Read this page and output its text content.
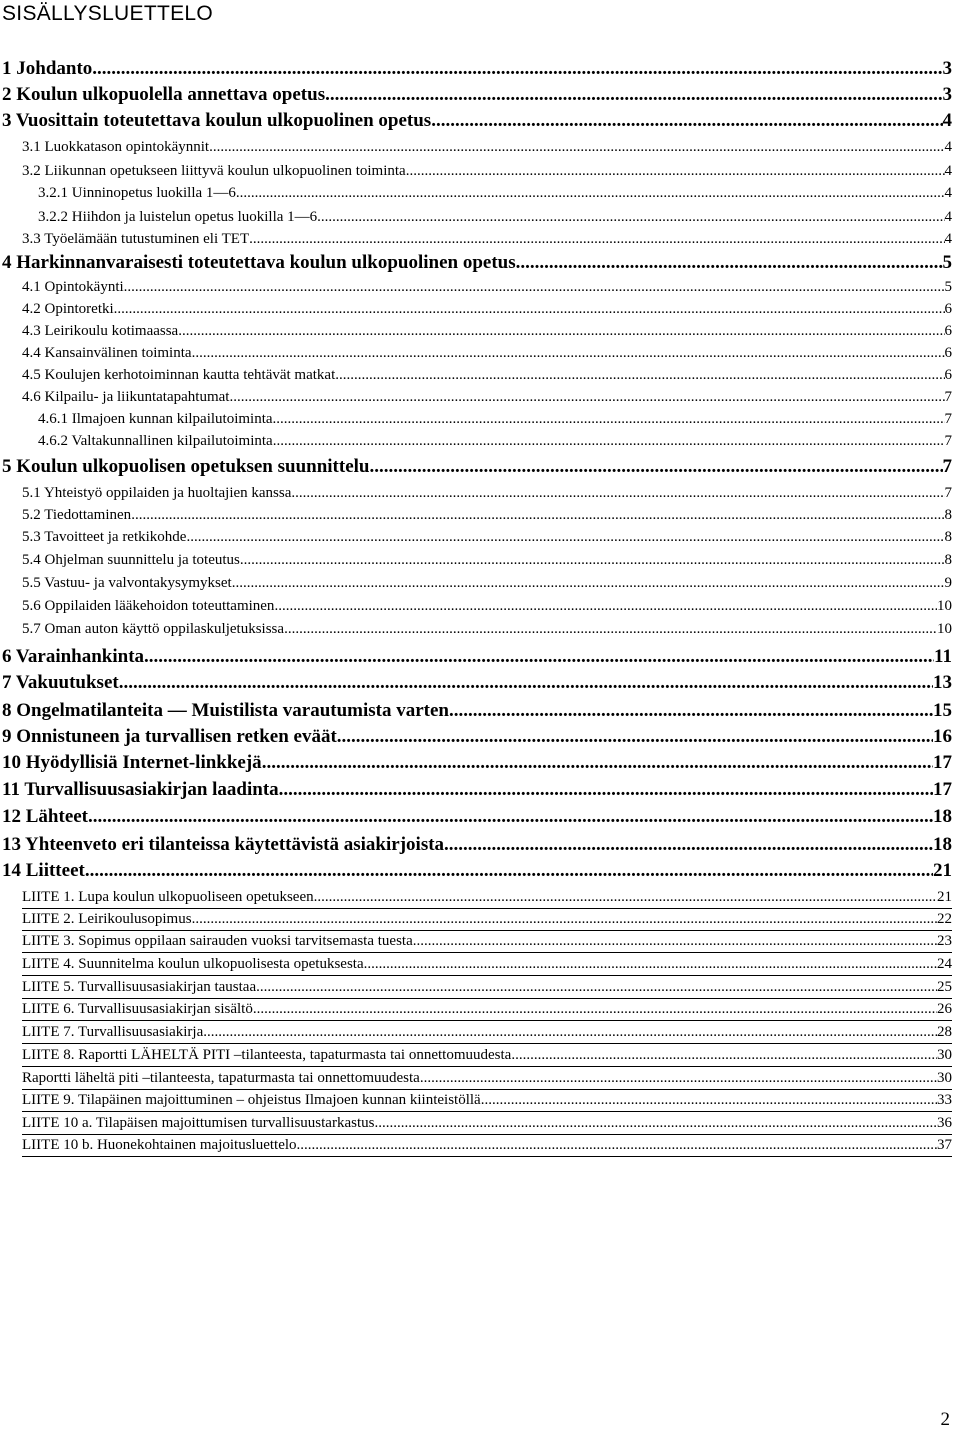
SISÄLLYSLUETTELO
1 Johdanto .....	3
2 Koulun ulkopuolella annettava opetus .....	3
3 Vuosittain toteutettava koulun ulkopuolinen opetus .....	4
3.1 Luokkatason opintokäynnit .....	4
3.2 Liikunnan opetukseen liittyvä koulun ulkopuolinen toiminta .....	4
3.2.1 Uinninopetus luokilla 1—6 .....	4
3.2.2 Hiihdon ja luistelun opetus luokilla 1—6 .....	4
3.3 Työelämään tutustuminen eli TET .....	4
4 Harkinnanvaraisesti toteutettava koulun ulkopuolinen opetus .....	5
4.1 Opintokäynti .....	5
4.2 Opintoretki .....	6
4.3 Leirikoulu kotimaassa .....	6
4.4 Kansainvälinen toiminta .....	6
4.5 Koulujen kerhotoiminnan kautta tehtävät matkat .....	6
4.6 Kilpailu- ja liikuntatapahtumat .....	7
4.6.1 Ilmajoen kunnan kilpailutoiminta .....	7
4.6.2 Valtakunnallinen kilpailutoiminta .....	7
5 Koulun ulkopuolisen opetuksen suunnittelu .....	7
5.1 Yhteistyö oppilaiden ja huoltajien kanssa .....	7
5.2 Tiedottaminen .....	8
5.3 Tavoitteet ja retkikohde .....	8
5.4 Ohjelman suunnittelu ja toteutus .....	8
5.5 Vastuu- ja valvontakysymykset .....	9
5.6 Oppilaiden lääkehoidon toteuttaminen .....	10
5.7 Oman auton käyttö oppilaskuljetuksissa .....	10
6 Varainhankinta .....	11
7 Vakuutukset .....	13
8 Ongelmatilanteita — Muistilista varautumista varten .....	15
9 Onnistuneen ja turvallisen retken eväät .....	16
10 Hyödyllisiä Internet-linkkejä .....	17
11 Turvallisuusasiakirjan laadinta .....	17
12 Lähteet .....	18
13 Yhteenveto eri tilanteissa käytettävistä asiakirjoista .....	18
14 Liitteet .....	21
LIITE 1. Lupa koulun ulkopuoliseen opetukseen .....	21
LIITE 2. Leirikoulusopimus .....	22
LIITE 3. Sopimus oppilaan sairauden vuoksi tarvitsemasta tuesta .....	23
LIITE 4. Suunnitelma koulun ulkopuolisesta opetuksesta .....	24
LIITE 5. Turvallisuusasiakirjan taustaa .....	25
LIITE 6. Turvallisuusasiakirjan sisältö .....	26
LIITE 7. Turvallisuusasiakirja .....	28
LIITE 8. Raportti LÄHELTÄ PITI –tilanteesta, tapaturmasta tai onnettomuudesta .....	30
Raportti läheltä piti –tilanteesta, tapaturmasta tai onnettomuudesta .....	30
LIITE 9. Tilapäinen majoittuminen – ohjeistus Ilmajoen kunnan kiinteistöllä .....	33
LIITE 10 a. Tilapäisen majoittumisen turvallisuustarkastus .....	36
LIITE 10 b. Huonekohtainen majoitusluettelo .....	37
2
